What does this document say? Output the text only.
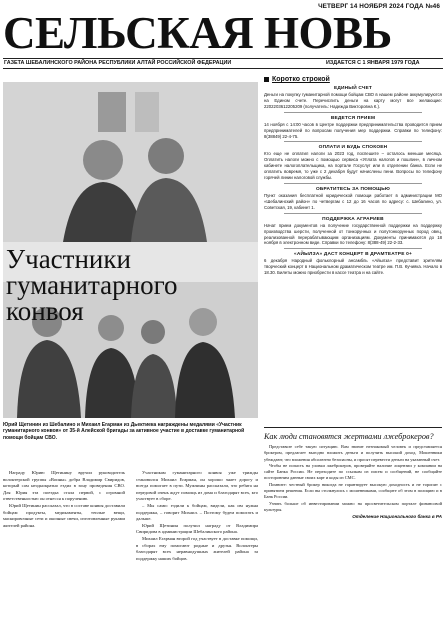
ЧЕТВЕРГ 14 НОЯБРЯ 2024 ГОДА №46
СЕЛЬСКАЯ НОВЬ
ГАЗЕТА ШЕБАЛИНСКОГО РАЙОНА РЕСПУБЛИКИ АЛТАЙ РОССИЙСКОЙ ФЕДЕРАЦИИ	ИЗДАЕТСЯ С 1 ЯНВАРЯ 1979 ГОДА
Участники
гуманитарного конвоя
Юрий Щетинин из Шебалино и Михаил Егарман из Дьектиека награждены медалями «Участник гуманитарного конвоя» от 35-й Алейской бригады за активное участие в доставке гуманитарной помощи бойцам СВО.

Награду Юрию Щетинину вручил руководитель волонтерской группы «Воины» добра Владимир Свиридов, который сам неоднократно ездил в зону проведения СВО. Для Юрия эта поездка стала первой, с огромной ответственностью он отнесся к поручению.

Юрий Щетинин рассказал, что в составе конвоя доставили бойцам продукты, медикаменты, теплые вещи, маскировочные сети и окопные свечи, изготовленные руками жителей района.

Участникам гуманитарного конвоя уже трижды становился Михаил Егарман, он хорошо знает дорогу и всегда помогает в пути. Мужчины рассказали, что ребята на передовой очень ждут помощь из дома и благодарят всех, кто участвует в сборе.

– Мы сами: ездили к бойцам, видели, как им нужна поддержка, – говорит Михаил. – Поэтому будем помогать и дальше.

Юрий Щетинин получил награду от Владимира Свиридова в администрации Шебалинского района.

Михаил Егарман второй год участвует в доставке помощи, в сборах ему помогают родные и друзья. Волонтеры благодарят всех неравнодушных жителей района за поддержку наших бойцов.

Коротко строкой
ЕДИНЫЙ СЧЕТ

Деньги на покупку гуманитарной помощи бойцам СВО в нашем районе аккумулируются на Едином счете. Перечислить деньги на карту могут все желающие: 2202203612205209 (получатель: Надежда Викторовна К.).

ВЕДЕТСЯ ПРИЕМ

14 ноября с 14:00 часов в Центре поддержки предпринимательства проводится прием предпринимателей по вопросам получения мер поддержки. Справки по телефону: 8(38849) 22-4-75.

ОПЛАТИ И БУДЬ СПОКОЕН

Кто еще не оплатил налоги за 2023 год, поспешите – осталось меньше месяца. Оплатить налоги можно с помощью сервиса «Уплата налогов и пошлин», в личном кабинете налогоплательщика, на портале Госуслуг или в отделении банка. Если не оплатить вовремя, то уже с 2 декабря будут начислены пени. Вопросы по телефону горячей линии налоговой службы.

ОБРАТИТЕСЬ ЗА ПОМОЩЬЮ

Пункт оказания бесплатной юридической помощи работает в администрации МО «Шебалинский район» по четвергам с 12 до 16 часов по адресу: с. Шебалино, ул. Советская, 19, кабинет 1.

ПОДДЕРЖКА АГРАРИЕВ

Начат прием документов на получение государственной поддержки на поддержку производства шерсти, полученной от тонкорунных и полутонкорунных пород овец, реализованной перерабатывающим организациям. Документы принимаются до 18 ноября в электронном виде. Справки по телефону: 8(388-49) 22-2-33.

«АЙЫЛЗА» ДАСТ КОНЦЕРТ В ДРАМТЕАТРЕ 0+

6 декабря Народный фольклорный ансамбль «Айылза» представит зрителям творческий концерт в Национальном драматическом театре им. П.В. Кучияка. Начало в 18.30. Билеты можно приобрести в кассе театра и на сайте.

Как люди становятся жертвами лжеброкеров?

Представьте себе такую ситуацию. Вам звонит незнакомый человек и представляется брокером, предлагает выгодно вложить деньги и получить высокий доход. Мошенники убеждают, что вложения абсолютно безопасны, и просят перевести деньги на указанный счет.

Чтобы не попасть на уловки лжеброкеров, проверяйте наличие лицензии у компании на сайте Банка России. Не переходите по ссылкам из писем и сообщений, не сообщайте посторонним данные своих карт и коды из СМС.

Помните: честный брокер никогда не гарантирует высокую доходность и не торопит с принятием решения. Если вы столкнулись с мошенниками, сообщите об этом в полицию и в Банк России.

Узнать больше об инвестировании можно на просветительском портале финансовой культуры.

Отделение Национального банка в РА
